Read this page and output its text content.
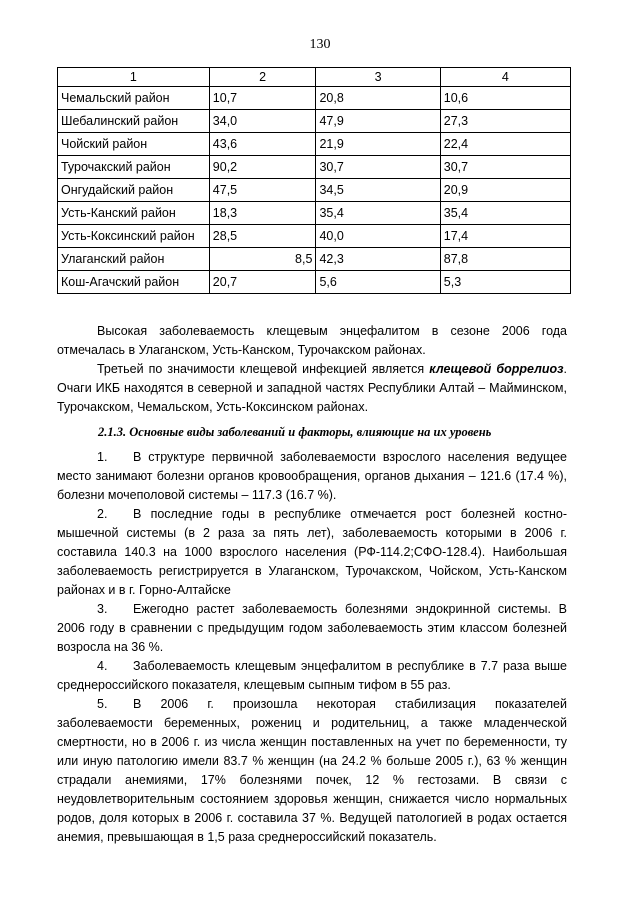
130
1	2	3	4
Чемальский район	10,7	20,8	10,6
Шебалинский район	34,0	47,9	27,3
Чойский район	43,6	21,9	22,4
Турочакский район	90,2	30,7	30,7
Онгудайский район	47,5	34,5	20,9
Усть-Канский район	18,3	35,4	35,4
Усть-Коксинский район	28,5	40,0	17,4
Улаганский район	8,5	42,3	87,8
Кош-Агачский район	20,7	5,6	5,3

Высокая заболеваемость клещевым энцефалитом в сезоне 2006 года отмечалась в Улаганском, Усть-Канском, Турочакском районах.

Третьей по значимости клещевой инфекцией является клещевой боррелиоз. Очаги ИКБ находятся в северной и западной частях Республики Алтай – Майминском, Турочакском, Чемальском, Усть-Коксинском районах.

2.1.3. Основные виды заболеваний и факторы, влияющие на их уровень

1. В структуре первичной заболеваемости взрослого населения ведущее место занимают болезни органов кровообращения, органов дыхания – 121.6 (17.4 %), болезни мочеполовой системы – 117.3 (16.7 %).

2. В последние годы в республике отмечается рост болезней костно-мышечной системы (в 2 раза за пять лет), заболеваемость которыми в 2006 г. составила 140.3 на 1000 взрослого населения (РФ-114.2;СФО-128.4). Наибольшая заболеваемость регистрируется в Улаганском, Турочакском, Чойском, Усть-Канском районах и в г. Горно-Алтайске

3. Ежегодно растет заболеваемость болезнями эндокринной системы. В 2006 году в сравнении с предыдущим годом заболеваемость этим классом болезней возросла на 36 %.

4. Заболеваемость клещевым энцефалитом в республике в 7.7 раза выше среднероссийского показателя, клещевым сыпным тифом в 55 раз.

5. В 2006 г. произошла некоторая стабилизация показателей заболеваемости беременных, рожениц и родительниц, а также младенческой смертности, но в 2006 г. из числа женщин поставленных на учет по беременности, ту или иную патологию имели 83.7 % женщин (на 24.2 % больше 2005 г.), 63 % женщин страдали анемиями, 17% болезнями почек, 12 % гестозами. В связи с неудовлетворительным состоянием здоровья женщин, снижается число нормальных родов, доля которых в 2006 г. составила 37 %. Ведущей патологией в родах остается анемия, превышающая в 1,5 раза среднероссийский показатель.
